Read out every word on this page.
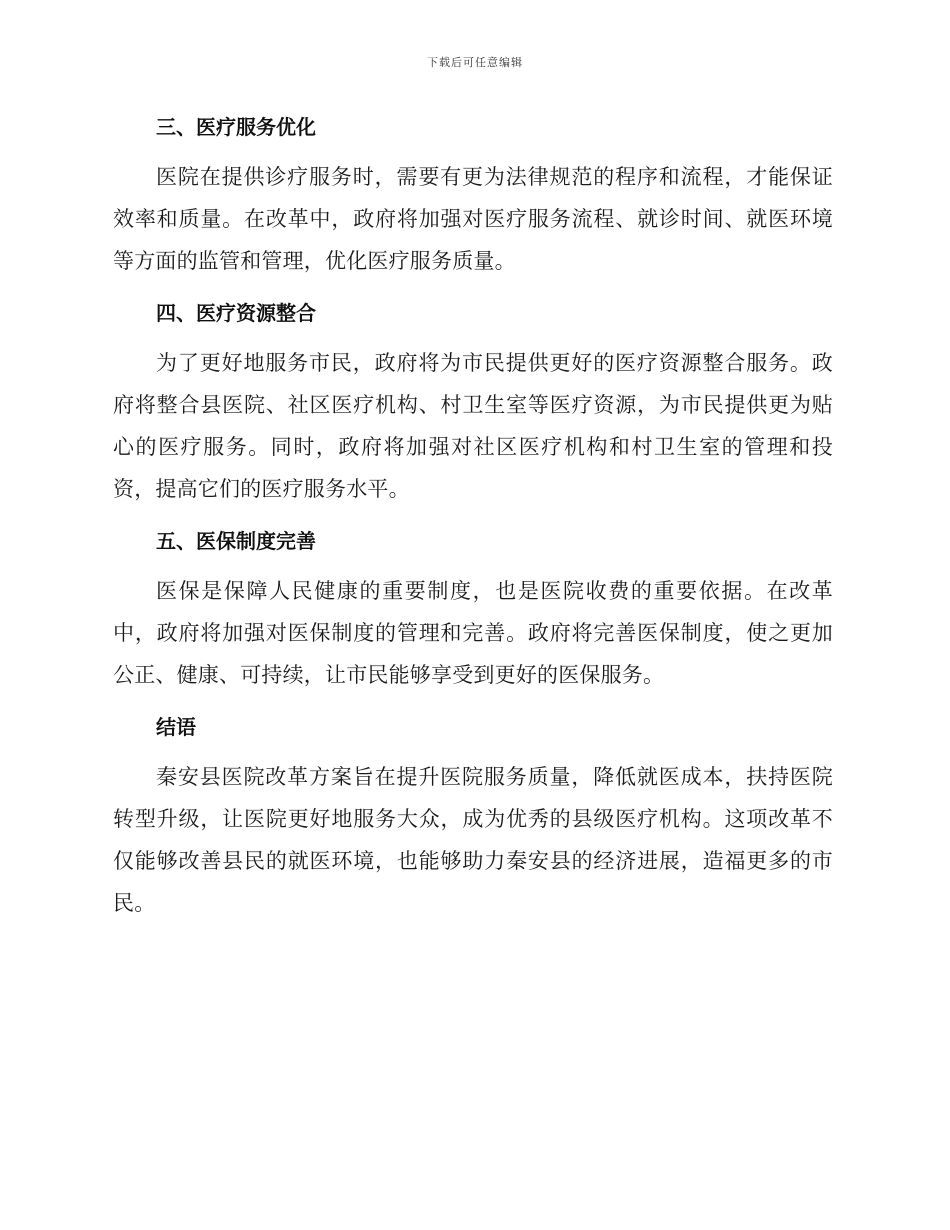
下载后可任意编辑
三、医疗服务优化

医院在提供诊疗服务时，需要有更为法律规范的程序和流程，才能保证效率和质量。在改革中，政府将加强对医疗服务流程、就诊时间、就医环境等方面的监管和管理，优化医疗服务质量。

四、医疗资源整合

为了更好地服务市民，政府将为市民提供更好的医疗资源整合服务。政府将整合县医院、社区医疗机构、村卫生室等医疗资源，为市民提供更为贴心的医疗服务。同时，政府将加强对社区医疗机构和村卫生室的管理和投资，提高它们的医疗服务水平。

五、医保制度完善

医保是保障人民健康的重要制度，也是医院收费的重要依据。在改革中，政府将加强对医保制度的管理和完善。政府将完善医保制度，使之更加公正、健康、可持续，让市民能够享受到更好的医保服务。

结语

秦安县医院改革方案旨在提升医院服务质量，降低就医成本，扶持医院转型升级，让医院更好地服务大众，成为优秀的县级医疗机构。这项改革不仅能够改善县民的就医环境，也能够助力秦安县的经济进展，造福更多的市民。
